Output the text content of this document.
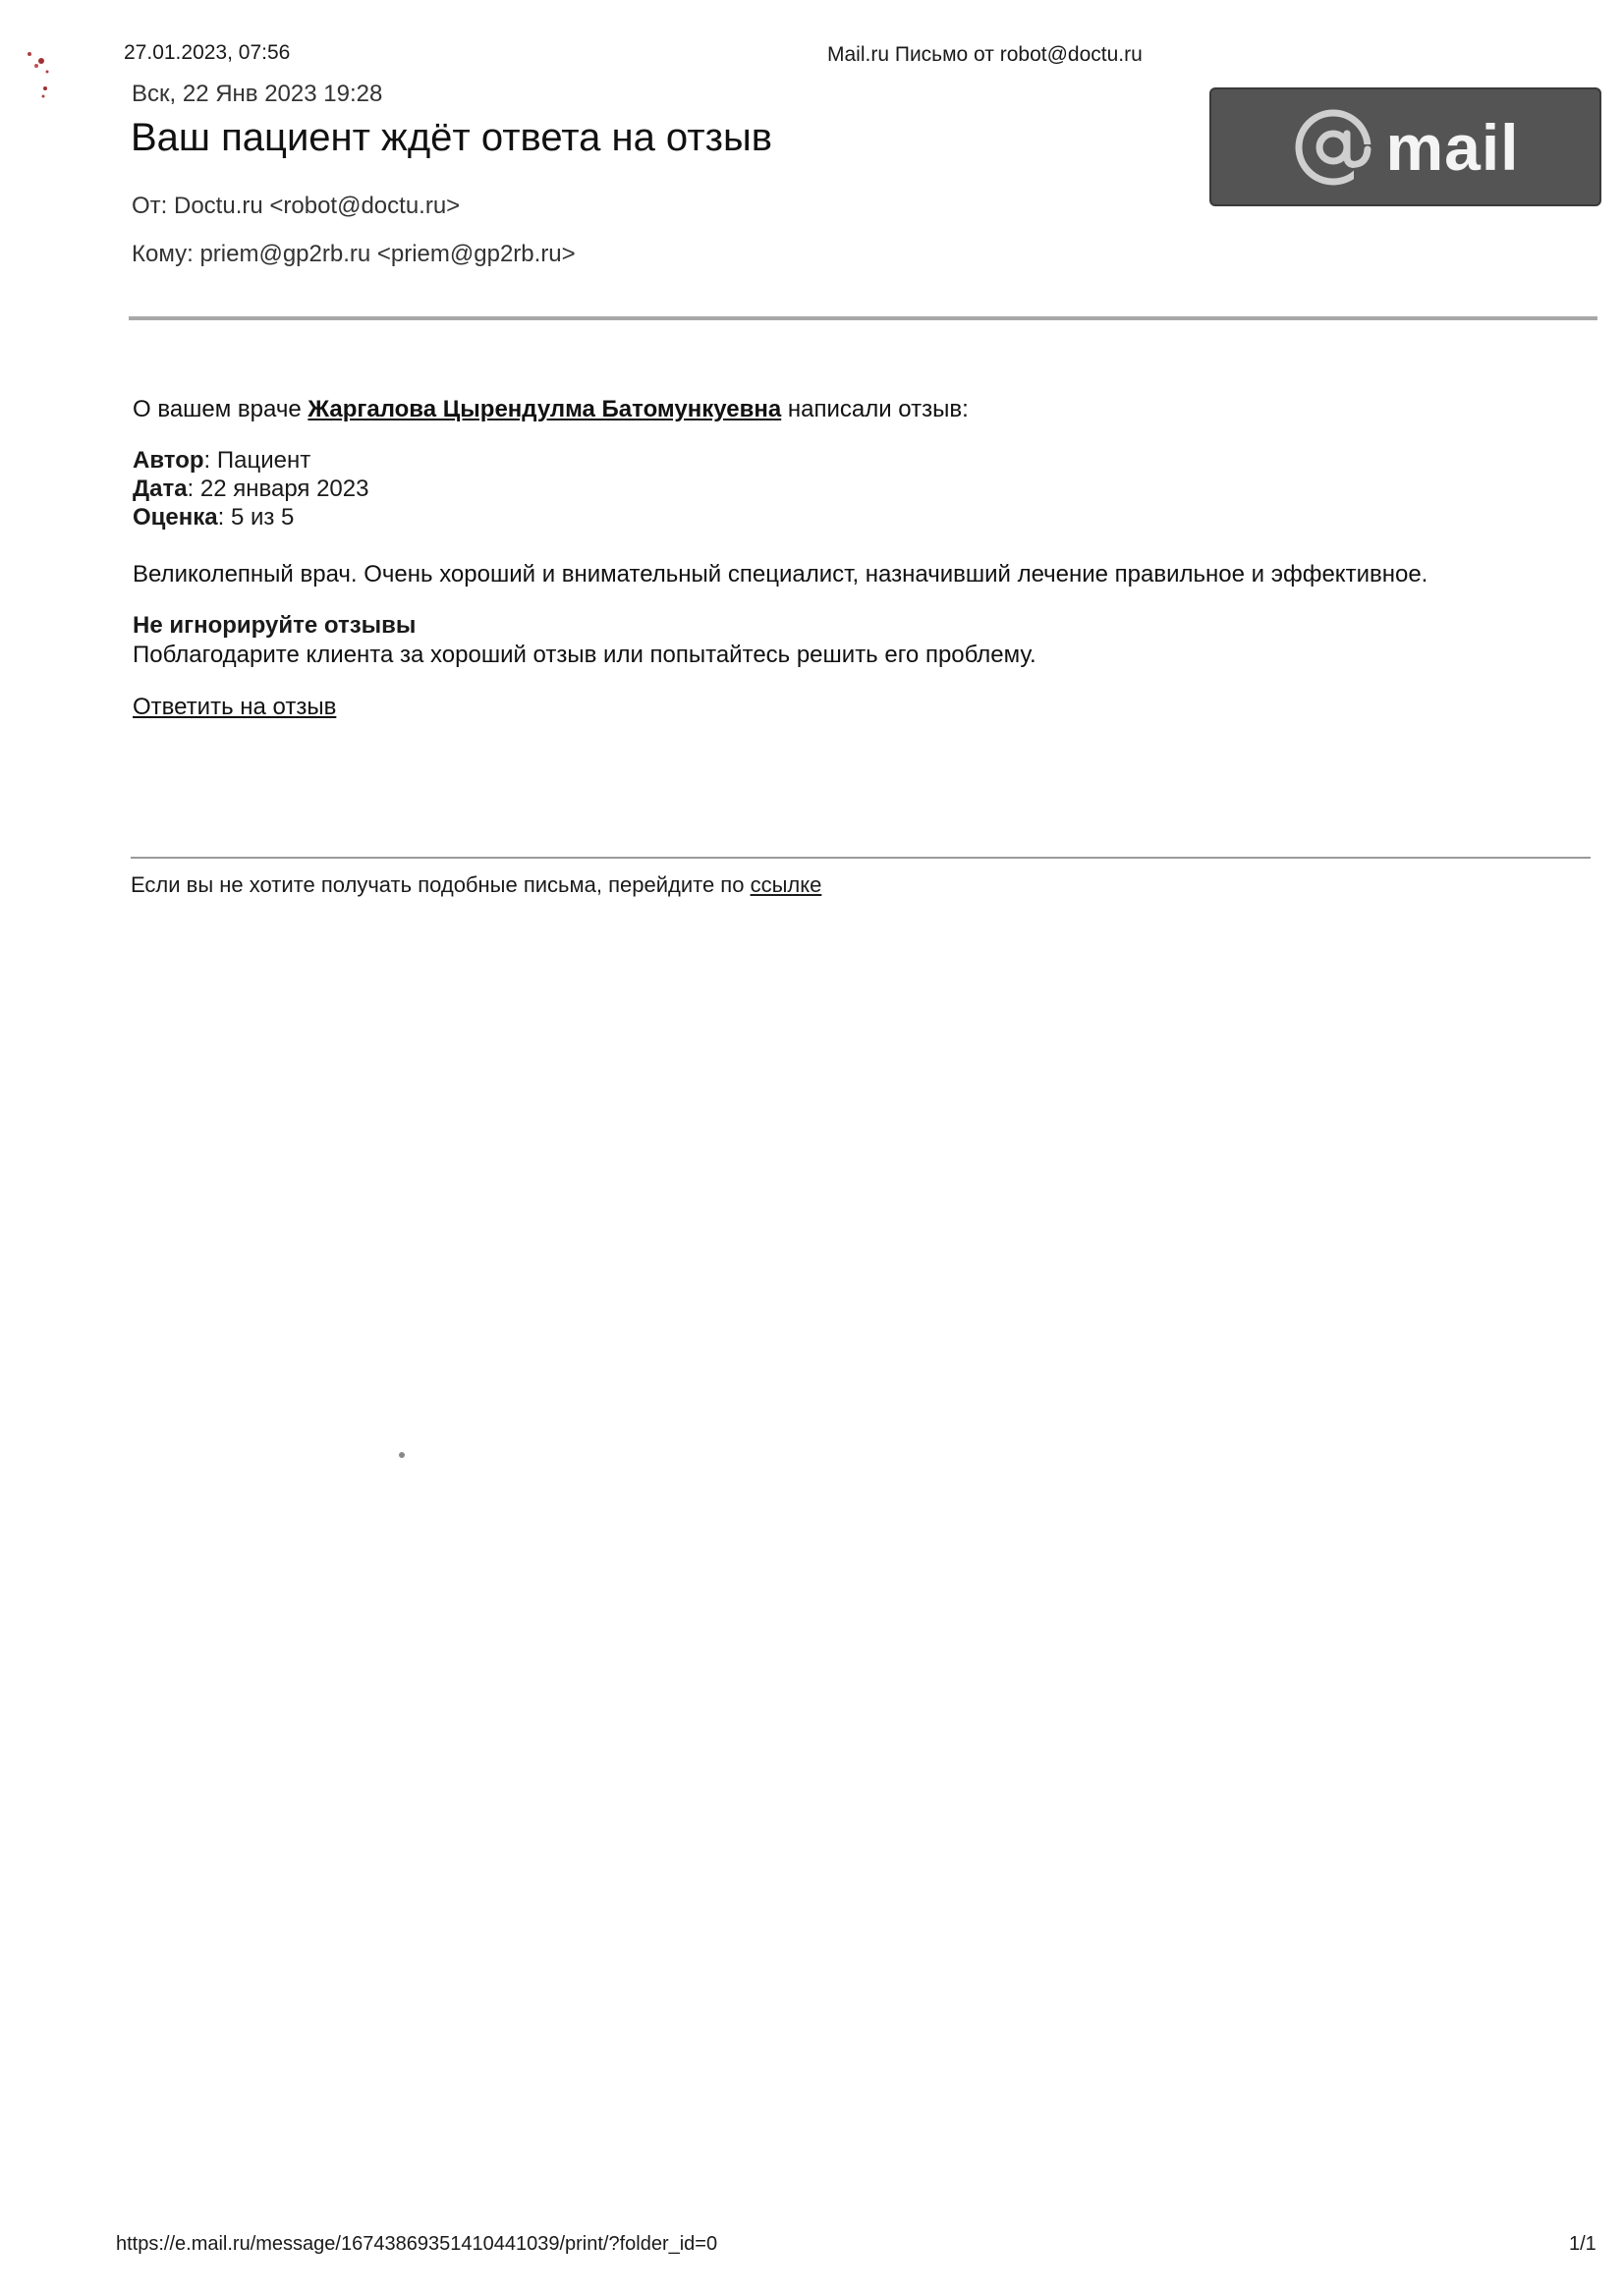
27.01.2023, 07:56	Mail.ru Письмо от robot@doctu.ru
Вск, 22 Янв 2023 19:28
Ваш пациент ждёт ответа на отзыв	mail
От: Doctu.ru <robot@doctu.ru>
Кому: priem@gp2rb.ru <priem@gp2rb.ru>
О вашем враче Жаргалова Цырендулма Батомункуевна написали отзыв:
Автор: Пациент
Дата: 22 января 2023
Оценка: 5 из 5
Великолепный врач. Очень хороший и внимательный специалист, назначивший лечение правильное и эффективное.
Не игнорируйте отзывы
Поблагодарите клиента за хороший отзыв или попытайтесь решить его проблему.
Ответить на отзыв
Если вы не хотите получать подобные письма, перейдите по ссылке
https://e.mail.ru/message/16743869351410441039/print/?folder_id=0	1/1
